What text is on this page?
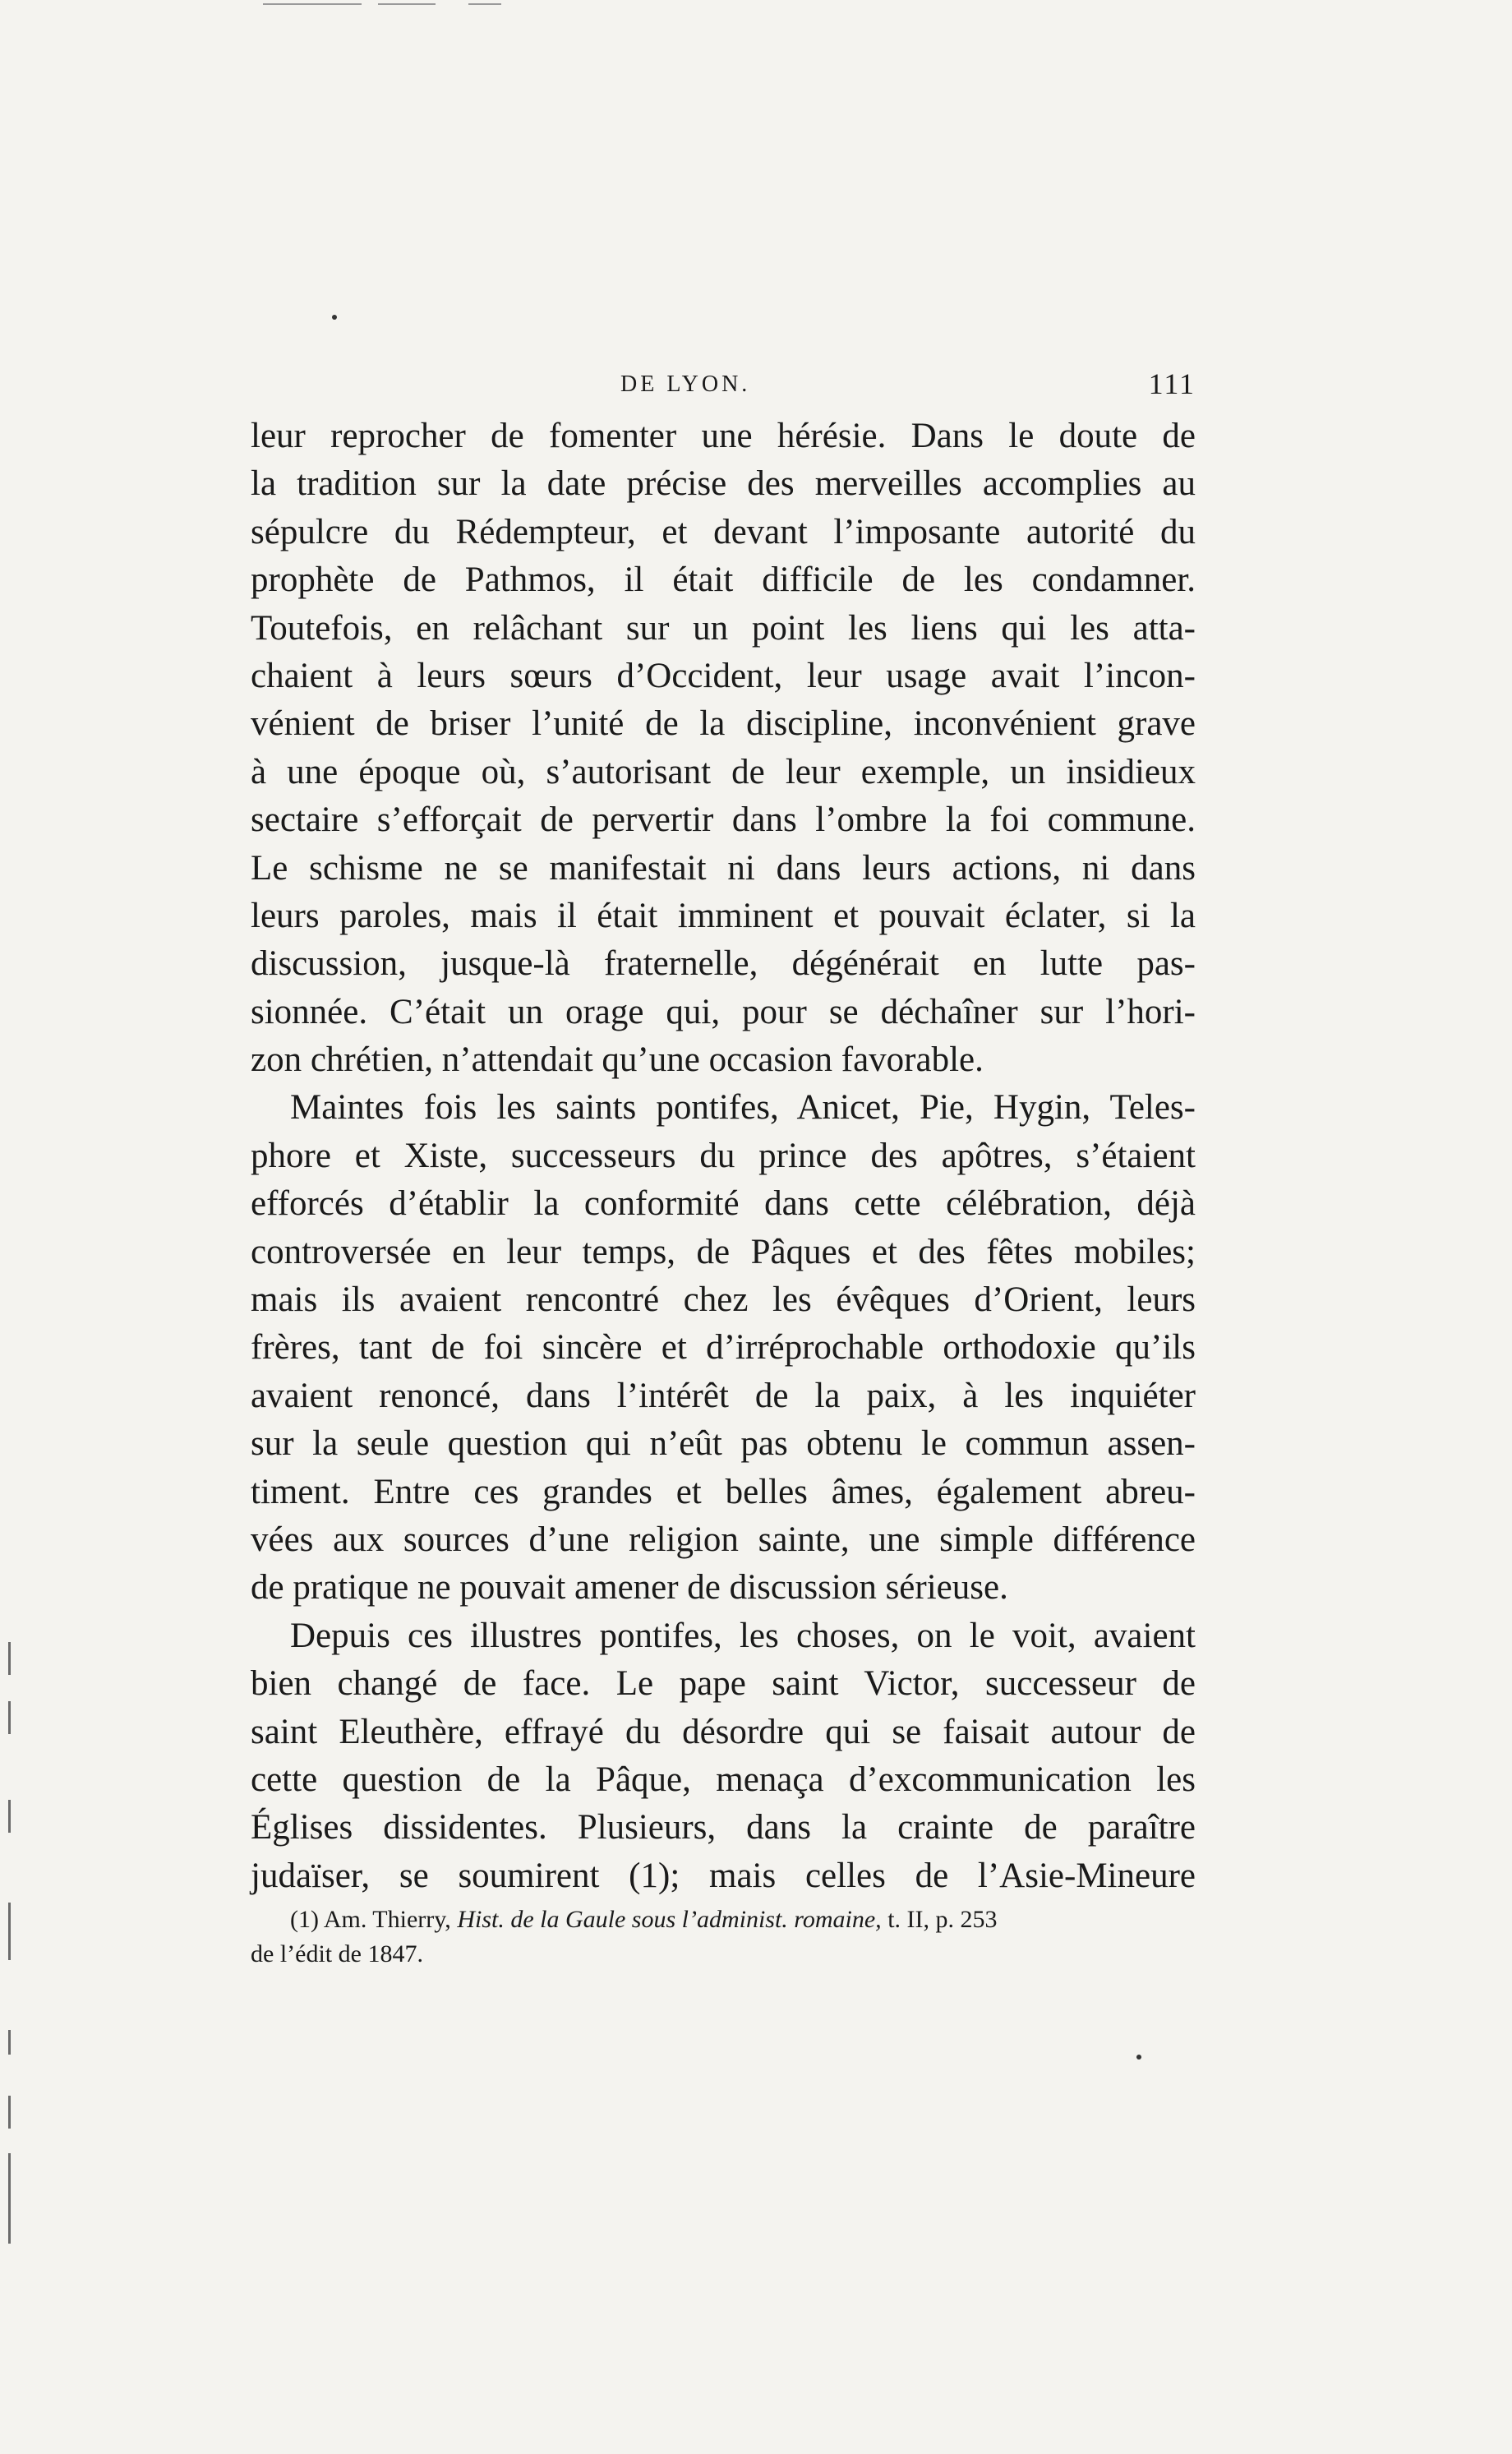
DE LYON.	111
leur reprocher de fomenter une hérésie. Dans le doute de
la tradition sur la date précise des merveilles accomplies au
sépulcre du Rédempteur, et devant l’imposante autorité du
prophète de Pathmos, il était difficile de les condamner.
Toutefois, en relâchant sur un point les liens qui les atta-
chaient à leurs sœurs d’Occident, leur usage avait l’incon-
vénient de briser l’unité de la discipline, inconvénient grave
à une époque où, s’autorisant de leur exemple, un insidieux
sectaire s’efforçait de pervertir dans l’ombre la foi commune.
Le schisme ne se manifestait ni dans leurs actions, ni dans
leurs paroles, mais il était imminent et pouvait éclater, si la
discussion, jusque-là fraternelle, dégénérait en lutte pas-
sionnée. C’était un orage qui, pour se déchaîner sur l’hori-
zon chrétien, n’attendait qu’une occasion favorable.
Maintes fois les saints pontifes, Anicet, Pie, Hygin, Teles-
phore et Xiste, successeurs du prince des apôtres, s’étaient
efforcés d’établir la conformité dans cette célébration, déjà
controversée en leur temps, de Pâques et des fêtes mobiles;
mais ils avaient rencontré chez les évêques d’Orient, leurs
frères, tant de foi sincère et d’irréprochable orthodoxie qu’ils
avaient renoncé, dans l’intérêt de la paix, à les inquiéter
sur la seule question qui n’eût pas obtenu le commun assen-
timent. Entre ces grandes et belles âmes, également abreu-
vées aux sources d’une religion sainte, une simple différence
de pratique ne pouvait amener de discussion sérieuse.
Depuis ces illustres pontifes, les choses, on le voit, avaient
bien changé de face. Le pape saint Victor, successeur de
saint Eleuthère, effrayé du désordre qui se faisait autour de
cette question de la Pâque, menaça d’excommunication les
Églises dissidentes. Plusieurs, dans la crainte de paraître
judaïser, se soumirent (1); mais celles de l’Asie-Mineure
(1) Am. Thierry, Hist. de la Gaule sous l’administ. romaine, t. II, p. 253
de l’édit de 1847.
